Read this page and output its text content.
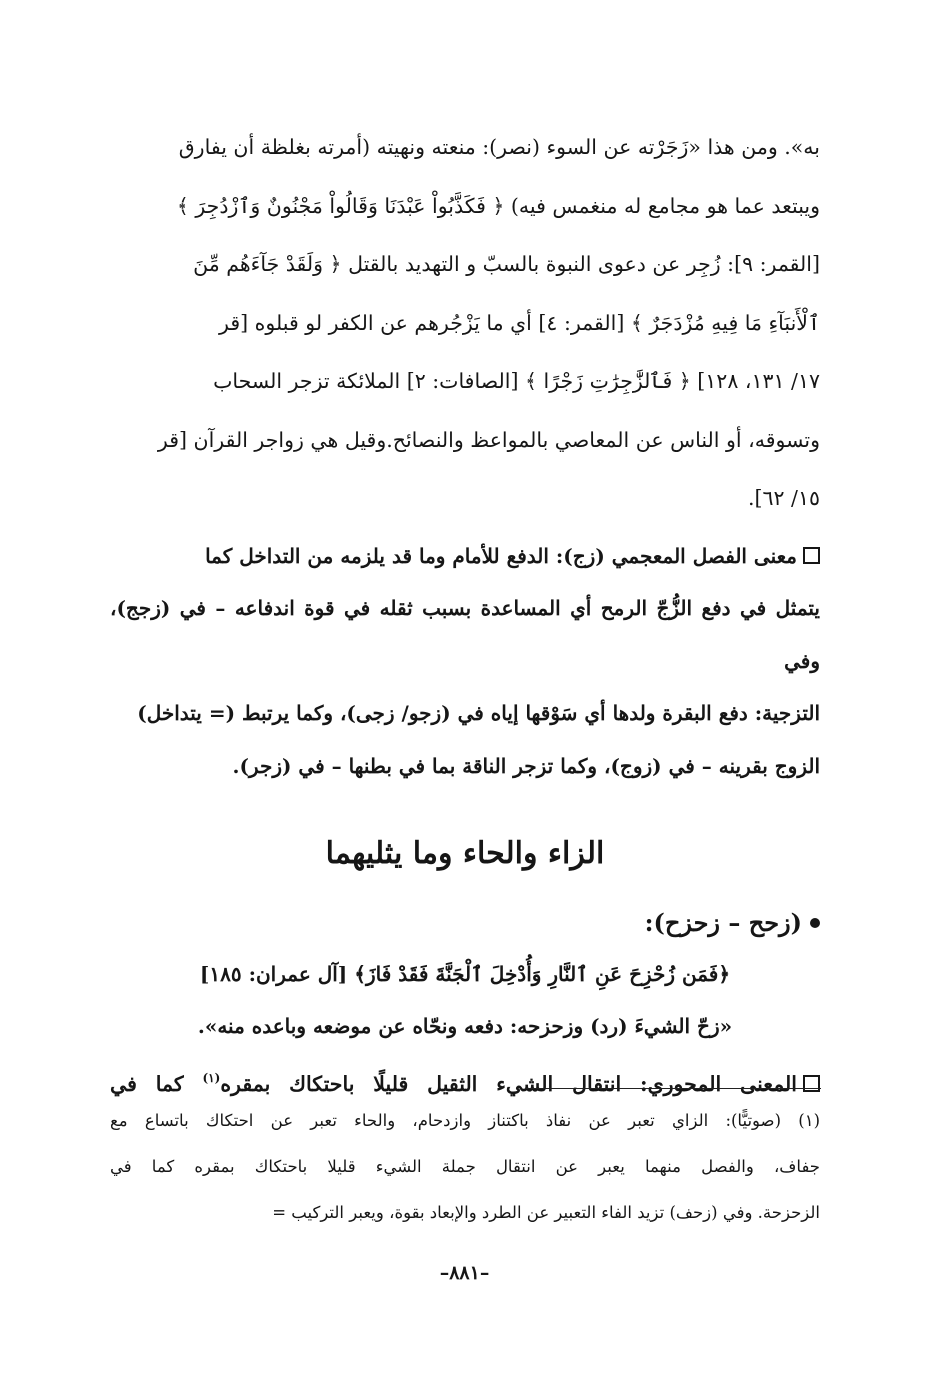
به». ومن هذا «زَجَرْته عن السوء (نصر): منعته ونهيته (أمرته بغلظة أن يفارق
ويبتعد عما هو مجامع له منغمس فيه) ﴿ فَكَذَّبُواْ عَبْدَنَا وَقَالُواْ مَجْنُونٌ وَٱزْدُجِرَ ﴾
[القمر: ٩]: زُجِر عن دعوى النبوة بالسبّ و التهديد بالقتل ﴿ وَلَقَدْ جَآءَهُم مِّنَ
ٱلْأَنبَآءِ مَا فِيهِ مُزْدَجَرٌ ﴾ [القمر: ٤] أي ما يَزْجُرهم عن الكفر لو قبلوه [قر
١٧/ ١٣١، ١٢٨] ﴿ فَٱلزَّٰجِرَٰتِ زَجْرًا ﴾ [الصافات: ٢] الملائكة تزجر السحاب
وتسوقه، أو الناس عن المعاصي بالمواعظ والنصائح.وقيل هي زواجر القرآن [قر
١٥/ ٦٢].
معنى الفصل المعجمي (زج): الدفع للأمام وما قد يلزمه من التداخل كما
يتمثل في دفع الزُّجّ الرمح أي المساعدة بسبب ثقله في قوة اندفاعه – في (زجج)، وفي
التزجية: دفع البقرة ولدها أي سَوْقها إياه في (زجو/ زجى)، وكما يرتبط (= يتداخل)
الزوج بقرينه – في (زوج)، وكما تزجر الناقة بما في بطنها – في (زجر).
الزاء والحاء وما يثليهما
(زحح – زحزح):
﴿فَمَن زُحْزِحَ عَنِ ٱلنَّارِ وَأُدْخِلَ ٱلْجَنَّةَ فَقَدْ فَازَ﴾ [آل عمران: ١٨٥]
«زحّ الشيءَ (رد) وزحزحه: دفعه ونحّاه عن موضعه وباعده منه».
المعنى المحوري: انتقال الشيء الثقيل قليلًا باحتكاك بمقره$^{(١)}$ كما في
(١) (صوتيًّا): الزاي تعبر عن نفاذ باكتناز وازدحام، والحاء تعبر عن احتكاك باتساع مع
جفاف، والفصل منهما يعبر عن انتقال جملة الشيء قليلا باحتكاك بمقره كما في
الزحزحة. وفي (زحف) تزيد الفاء التعبير عن الطرد والإبعاد بقوة، ويعبر التركيب =
–٨٨١–
